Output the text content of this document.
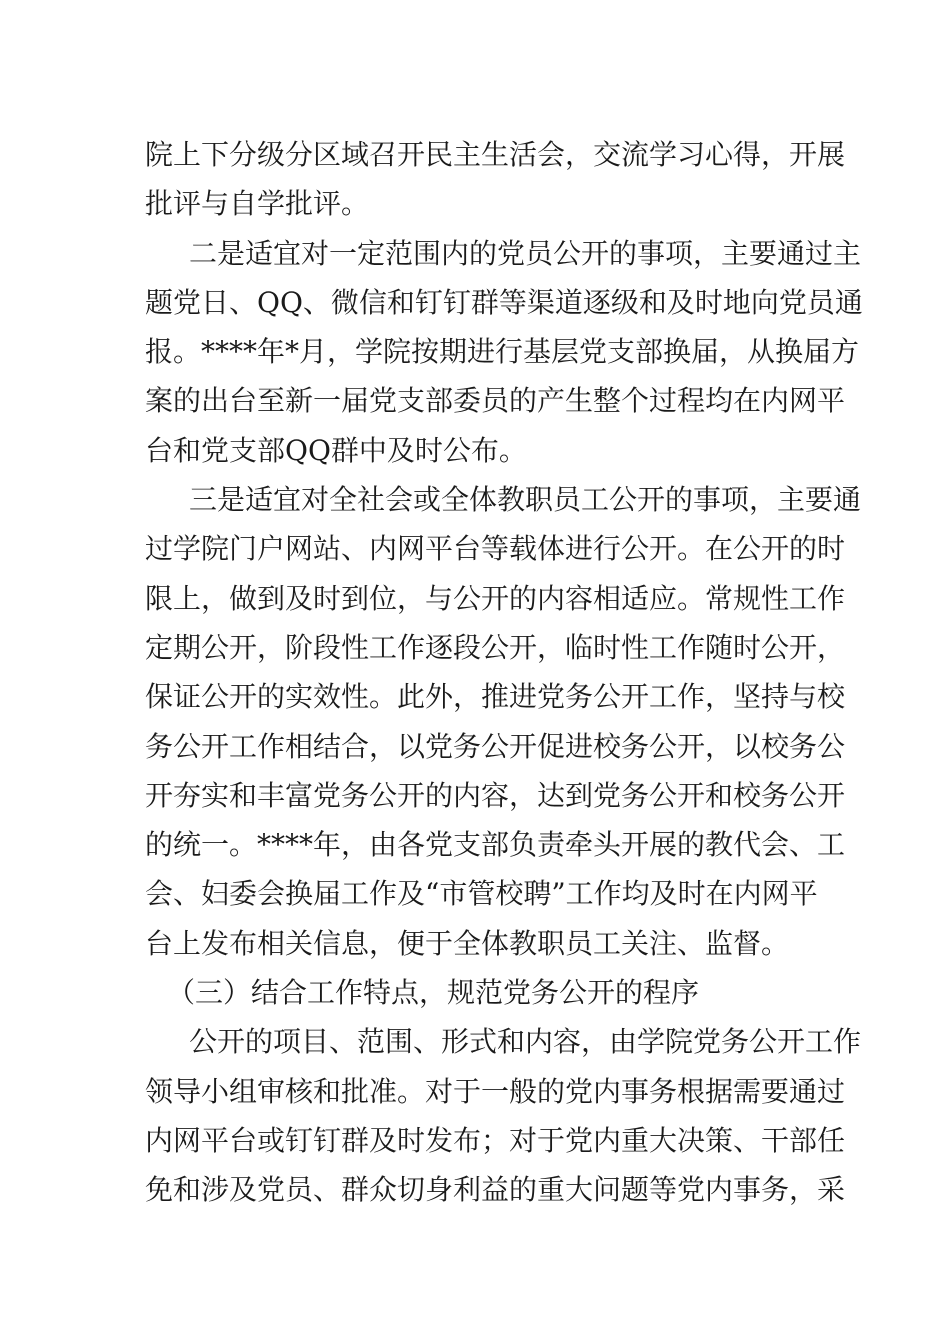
院上下分级分区域召开民主生活会，交流学习心得，开展
批评与自学批评。
二是适宜对一定范围内的党员公开的事项，主要通过主
题党日、QQ、微信和钉钉群等渠道逐级和及时地向党员通
报。****年*月，学院按期进行基层党支部换届，从换届方
案的出台至新一届党支部委员的产生整个过程均在内网平
台和党支部QQ群中及时公布。
三是适宜对全社会或全体教职员工公开的事项，主要通
过学院门户网站、内网平台等载体进行公开。在公开的时
限上，做到及时到位，与公开的内容相适应。常规性工作
定期公开，阶段性工作逐段公开，临时性工作随时公开，
保证公开的实效性。此外，推进党务公开工作，坚持与校
务公开工作相结合，以党务公开促进校务公开，以校务公
开夯实和丰富党务公开的内容，达到党务公开和校务公开
的统一。****年，由各党支部负责牵头开展的教代会、工
会、妇委会换届工作及“市管校聘”工作均及时在内网平
台上发布相关信息，便于全体教职员工关注、监督。
（三）结合工作特点，规范党务公开的程序
公开的项目、范围、形式和内容，由学院党务公开工作
领导小组审核和批准。对于一般的党内事务根据需要通过
内网平台或钉钉群及时发布；对于党内重大决策、干部任
免和涉及党员、群众切身利益的重大问题等党内事务，采
